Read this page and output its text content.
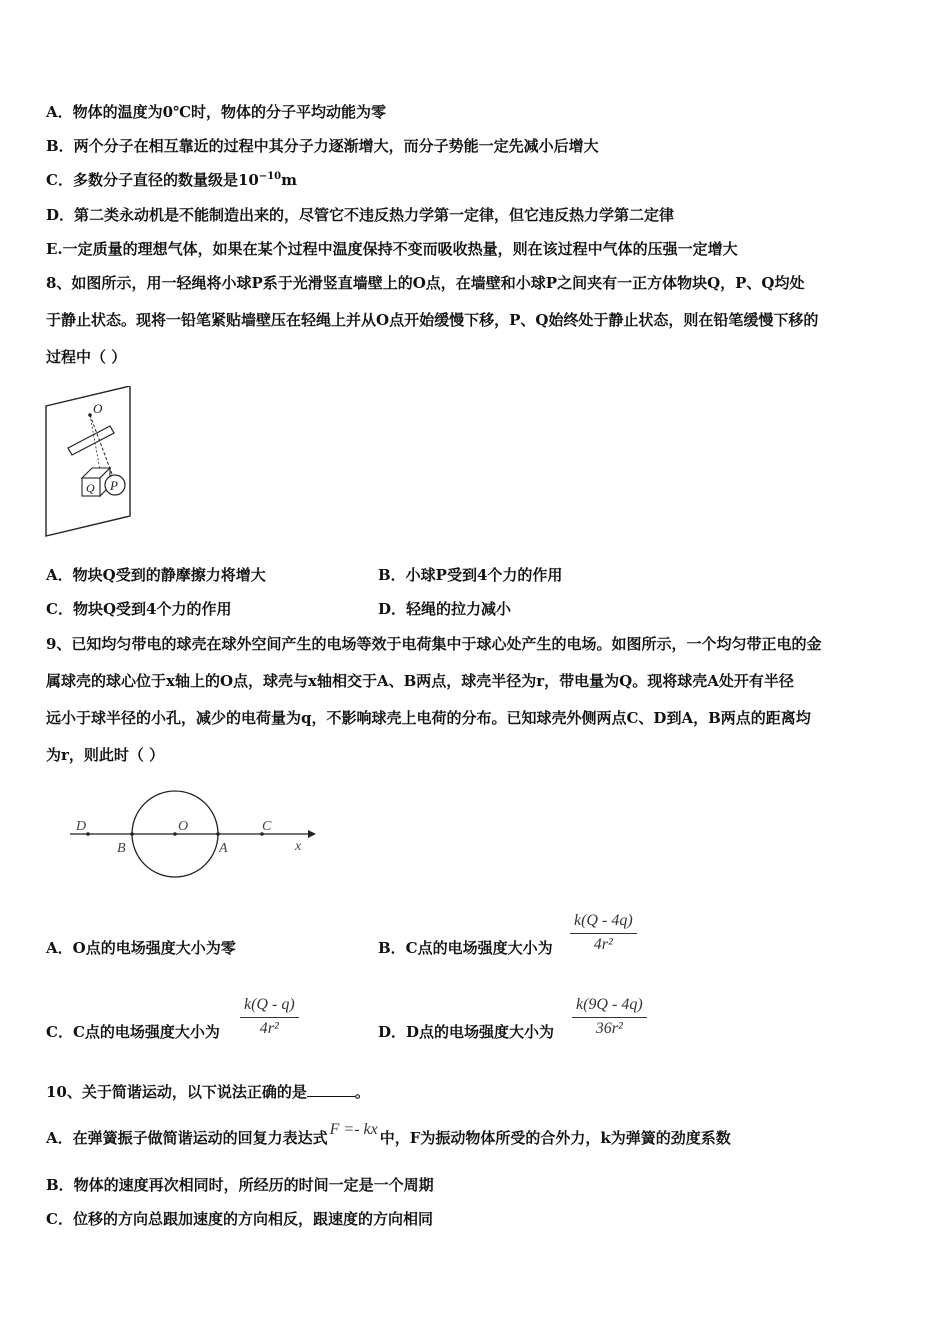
A．物体的温度为0℃时，物体的分子平均动能为零
B．两个分子在相互靠近的过程中其分子力逐渐增大，而分子势能一定先减小后增大
C．多数分子直径的数量级是$10^{-10}m$
D．第二类永动机是不能制造出来的，尽管它不违反热力学第一定律，但它违反热力学第二定律
E.一定质量的理想气体，如果在某个过程中温度保持不变而吸收热量，则在该过程中气体的压强一定增大
8、如图所示，用一轻绳将小球P系于光滑竖直墙壁上的O点，在墙壁和小球P之间夹有一正方体物块Q，P、Q均处
于静止状态。现将一铅笔紧贴墙壁压在轻绳上并从O点开始缓慢下移，P、Q始终处于静止状态，则在铅笔缓慢下移的
过程中（ ）
O
Q P
A．物块Q受到的静摩擦力将增大	B．小球P受到4个力的作用
C．物块Q受到4个力的作用	D．轻绳的拉力减小
9、已知均匀带电的球壳在球外空间产生的电场等效于电荷集中于球心处产生的电场。如图所示，一个均匀带正电的金
属球壳的球心位于x轴上的O点，球壳与x轴相交于A、B两点，球壳半径为r，带电量为Q。现将球壳A处开有半径
远小于球半径的小孔，减少的电荷量为q，不影响球壳上电荷的分布。已知球壳外侧两点C、D到A，B两点的距离均
为r，则此时（ ）
D
B
O
A
C
x
A．O点的电场强度大小为零	B．C点的电场强度大小为 $\frac{k(Q - 4q)}{\text{4r²}}$
C．C点的电场强度大小为 $\frac{k(Q - q)}{\text{4r²}}$	D．D点的电场强度大小为 $\frac{k(9Q - 4q)}{\text{36r²}}$
10、关于简谐运动，以下说法正确的是	。
A．在弹簧振子做简谐运动的回复力表达式 F =- kx 中，F为振动物体所受的合外力，k为弹簧的劲度系数
B．物体的速度再次相同时，所经历的时间一定是一个周期
C．位移的方向总跟加速度的方向相反，跟速度的方向相同
